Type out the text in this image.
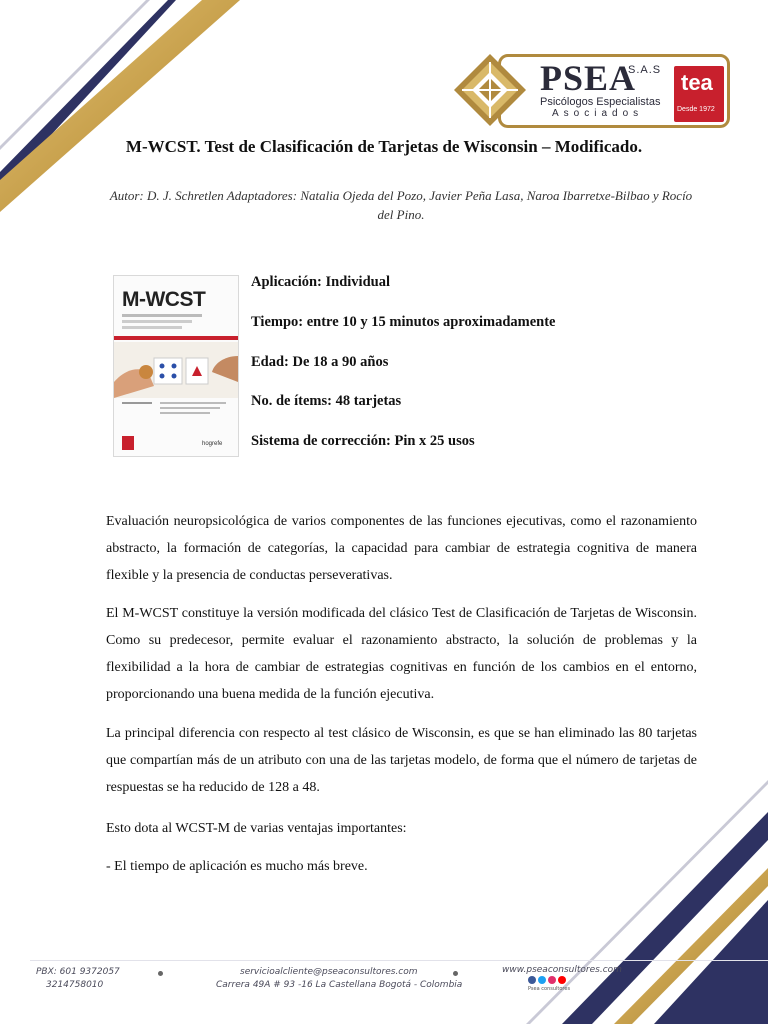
PSEA
S.A.S
Psicólogos Especialistas
Asociados
tea
Desde 1972
M-WCST. Test de Clasificación de Tarjetas de Wisconsin – Modificado.
Autor: D. J. Schretlen Adaptadores: Natalia Ojeda del Pozo, Javier Peña Lasa, Naroa Ibarretxe-Bilbao y Rocío del Pino.
M-WCST
hogrefe
Aplicación: Individual
Tiempo: entre 10 y 15 minutos aproximadamente
Edad: De 18 a 90 años
No. de ítems: 48 tarjetas
Sistema de corrección: Pin x 25 usos
Evaluación neuropsicológica de varios componentes de las funciones ejecutivas, como el razonamiento abstracto, la formación de categorías, la capacidad para cambiar de estrategia cognitiva de manera flexible y la presencia de conductas perseverativas.
El M-WCST constituye la versión modificada del clásico Test de Clasificación de Tarjetas de Wisconsin. Como su predecesor, permite evaluar el razonamiento abstracto, la solución de problemas y la flexibilidad a la hora de cambiar de estrategias cognitivas en función de los cambios en el entorno, proporcionando una buena medida de la función ejecutiva.
La principal diferencia con respecto al test clásico de Wisconsin, es que se han eliminado las 80 tarjetas que compartían más de un atributo con una de las tarjetas modelo, de forma que el número de tarjetas de respuestas se ha reducido de 128 a 48.
Esto dota al WCST-M de varias ventajas importantes:
- El tiempo de aplicación es mucho más breve.
PBX: 601 9372057
3214758010
servicioalcliente@pseaconsultores.com
Carrera 49A # 93 -16 La Castellana Bogotá - Colombia
www.pseaconsultores.com
Psea consultores
